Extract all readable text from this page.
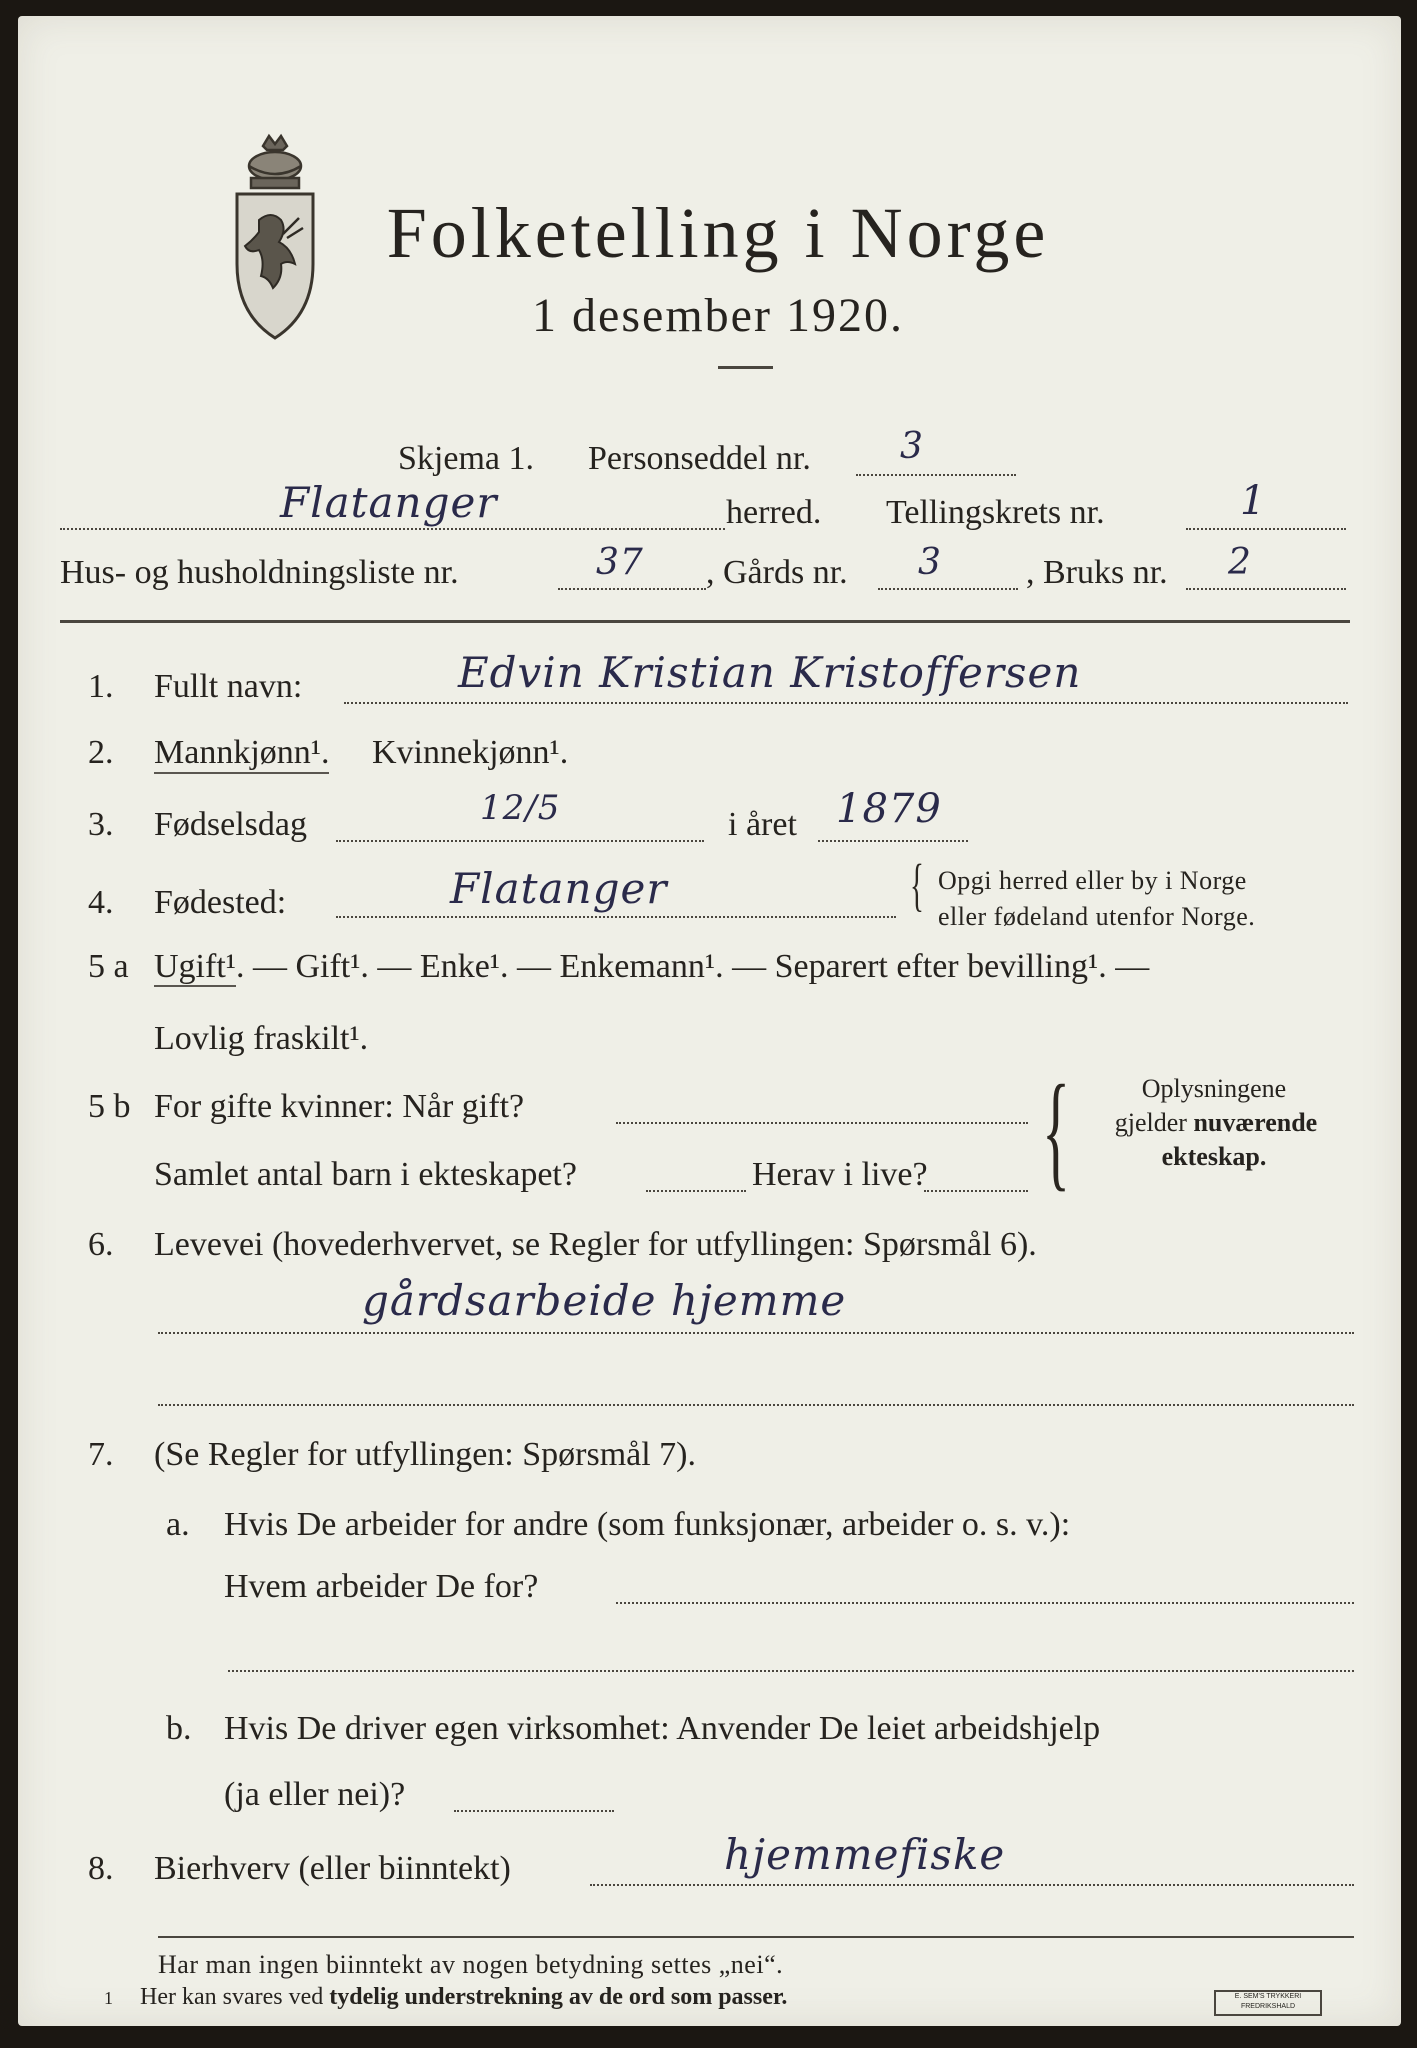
Folketelling i Norge
1 desember 1920.
Skjema 1. Personseddel nr. 3
Flatanger	herred. Tellingskrets nr.	1
Hus- og husholdningsliste nr.	37 , Gårds nr. 3 , Bruks nr. 2
1. Fullt navn:	Edvin Kristian Kristoffersen
2. Mannkjønn¹. Kvinnekjønn¹.
3. Fødselsdag	12/5	i året 1879
4. Fødested:	Flatanger	{ Opgi herred eller by i Norge
eller fødeland utenfor Norge.
5 a Ugift¹. — Gift¹. — Enke¹. — Enkemann¹. — Separert efter bevilling¹. —
Lovlig fraskilt¹.
5 b For gifte kvinner: Når gift?
Samlet antal barn i ekteskapet?	Herav i live? {	Oplysningene
gjelder nuværende
ekteskap.
6. Levevei (hovederhvervet, se Regler for utfyllingen: Spørsmål 6).
gårdsarbeide hjemme
7. (Se Regler for utfyllingen: Spørsmål 7).
a. Hvis De arbeider for andre (som funksjonær, arbeider o. s. v.):
Hvem arbeider De for?
b. Hvis De driver egen virksomhet: Anvender De leiet arbeidshjelp
(ja eller nei)?
8. Bierhverv (eller biinntekt)	hjemmefiske
Har man ingen biinntekt av nogen betydning settes „nei“.
1 Her kan svares ved tydelig understrekning av de ord som passer.	E. SEM'S TRYKKERI FREDRIKSHALD
